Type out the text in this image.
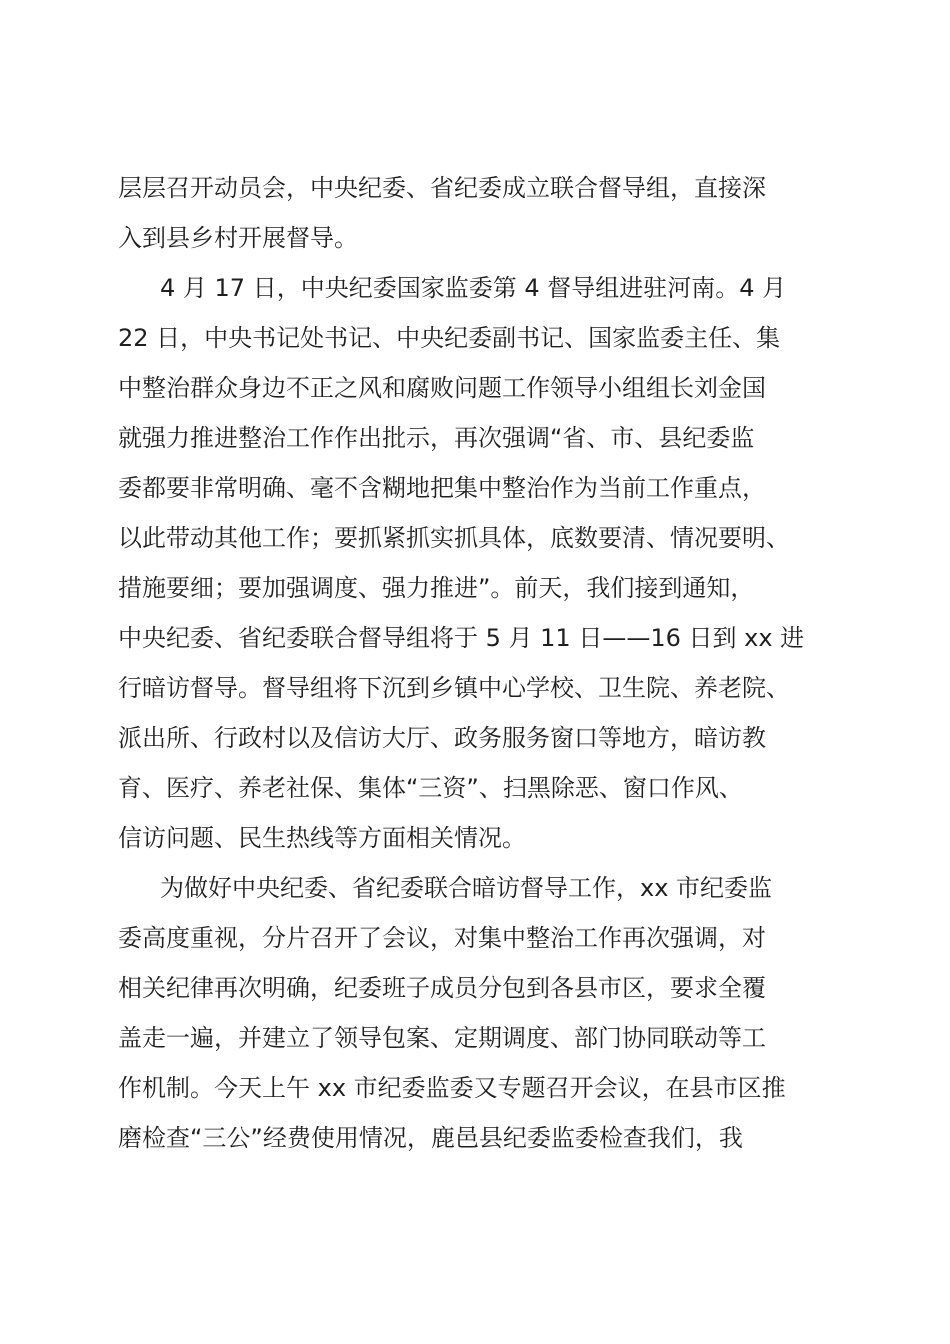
层层召开动员会，中央纪委、省纪委成立联合督导组，直接深
入到县乡村开展督导。
4 月 17 日，中央纪委国家监委第 4 督导组进驻河南。4 月
22 日，中央书记处书记、中央纪委副书记、国家监委主任、集
中整治群众身边不正之风和腐败问题工作领导小组组长刘金国
就强力推进整治工作作出批示，再次强调“省、市、县纪委监
委都要非常明确、毫不含糊地把集中整治作为当前工作重点，
以此带动其他工作；要抓紧抓实抓具体，底数要清、情况要明、
措施要细；要加强调度、强力推进”。前天，我们接到通知，
中央纪委、省纪委联合督导组将于 5 月 11 日——16 日到 xx 进
行暗访督导。督导组将下沉到乡镇中心学校、卫生院、养老院、
派出所、行政村以及信访大厅、政务服务窗口等地方，暗访教
育、医疗、养老社保、集体“三资”、扫黑除恶、窗口作风、
信访问题、民生热线等方面相关情况。
为做好中央纪委、省纪委联合暗访督导工作，xx 市纪委监
委高度重视，分片召开了会议，对集中整治工作再次强调，对
相关纪律再次明确，纪委班子成员分包到各县市区，要求全覆
盖走一遍，并建立了领导包案、定期调度、部门协同联动等工
作机制。今天上午 xx 市纪委监委又专题召开会议，在县市区推
磨检查“三公”经费使用情况，鹿邑县纪委监委检查我们，我
